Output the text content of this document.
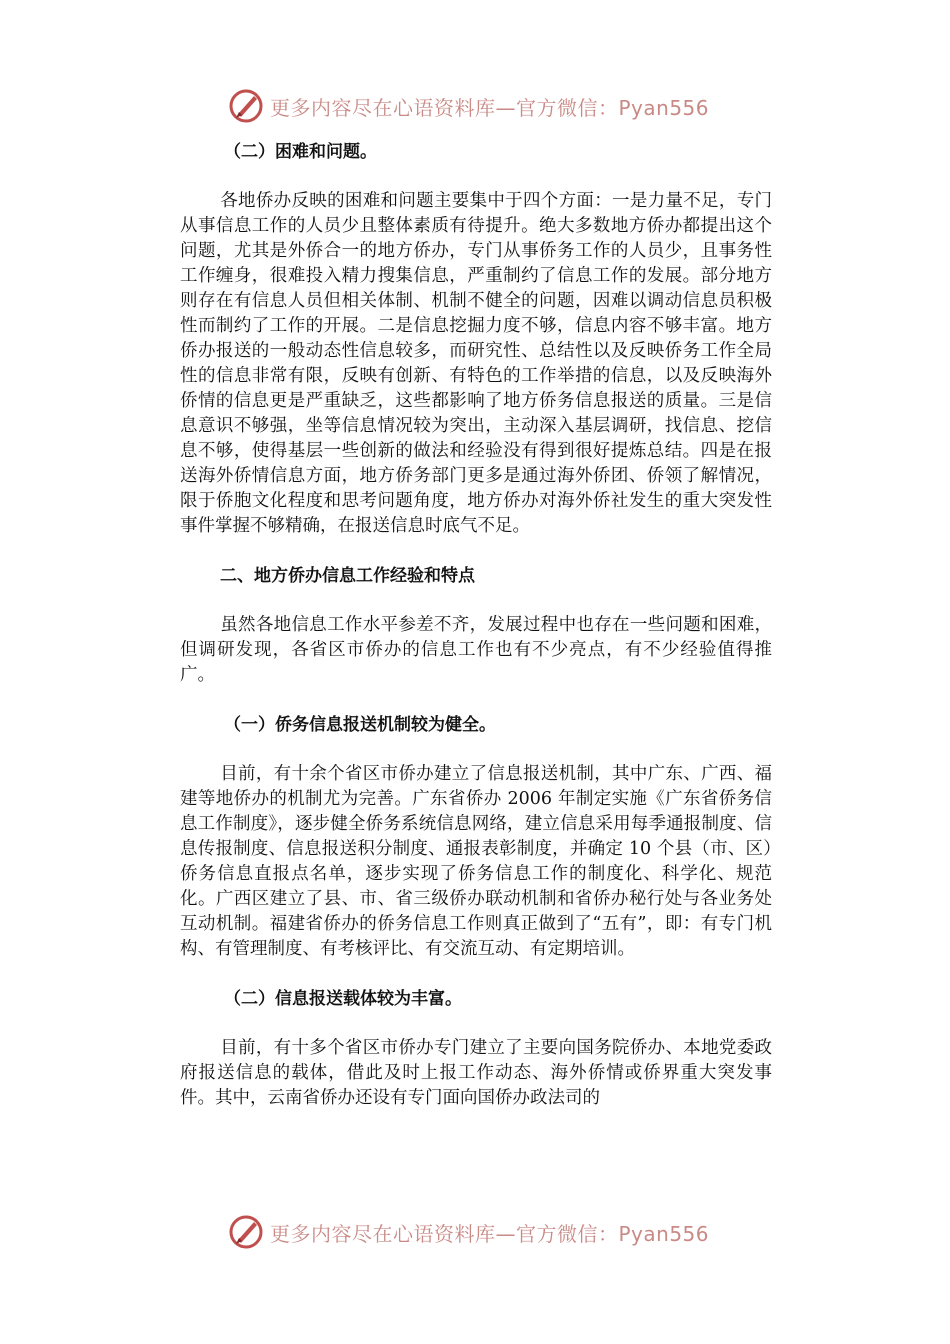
更多内容尽在心语资料库—官方微信：Pyan556

（二）困难和问题。

各地侨办反映的困难和问题主要集中于四个方面：一是力量不足，专门从事信息工作的人员少且整体素质有待提升。绝大多数地方侨办都提出这个问题，尤其是外侨合一的地方侨办，专门从事侨务工作的人员少，且事务性工作缠身，很难投入精力搜集信息，严重制约了信息工作的发展。部分地方则存在有信息人员但相关体制、机制不健全的问题，因难以调动信息员积极性而制约了工作的开展。二是信息挖掘力度不够，信息内容不够丰富。地方侨办报送的一般动态性信息较多，而研究性、总结性以及反映侨务工作全局性的信息非常有限，反映有创新、有特色的工作举措的信息，以及反映海外侨情的信息更是严重缺乏，这些都影响了地方侨务信息报送的质量。三是信息意识不够强，坐等信息情况较为突出，主动深入基层调研，找信息、挖信息不够，使得基层一些创新的做法和经验没有得到很好提炼总结。四是在报送海外侨情信息方面，地方侨务部门更多是通过海外侨团、侨领了解情况，限于侨胞文化程度和思考问题角度，地方侨办对海外侨社发生的重大突发性事件掌握不够精确，在报送信息时底气不足。

二、地方侨办信息工作经验和特点

虽然各地信息工作水平参差不齐，发展过程中也存在一些问题和困难，但调研发现，各省区市侨办的信息工作也有不少亮点，有不少经验值得推广。

（一）侨务信息报送机制较为健全。

目前，有十余个省区市侨办建立了信息报送机制，其中广东、广西、福建等地侨办的机制尤为完善。广东省侨办 2006 年制定实施《广东省侨务信息工作制度》，逐步健全侨务系统信息网络，建立信息采用每季通报制度、信息传报制度、信息报送积分制度、通报表彰制度，并确定 10 个县（市、区）侨务信息直报点名单，逐步实现了侨务信息工作的制度化、科学化、规范化。广西区建立了县、市、省三级侨办联动机制和省侨办秘行处与各业务处互动机制。福建省侨办的侨务信息工作则真正做到了“五有”，即：有专门机构、有管理制度、有考核评比、有交流互动、有定期培训。

（二）信息报送载体较为丰富。

目前，有十多个省区市侨办专门建立了主要向国务院侨办、本地党委政府报送信息的载体，借此及时上报工作动态、海外侨情或侨界重大突发事件。其中，云南省侨办还设有专门面向国侨办政法司的

更多内容尽在心语资料库—官方微信：Pyan556
